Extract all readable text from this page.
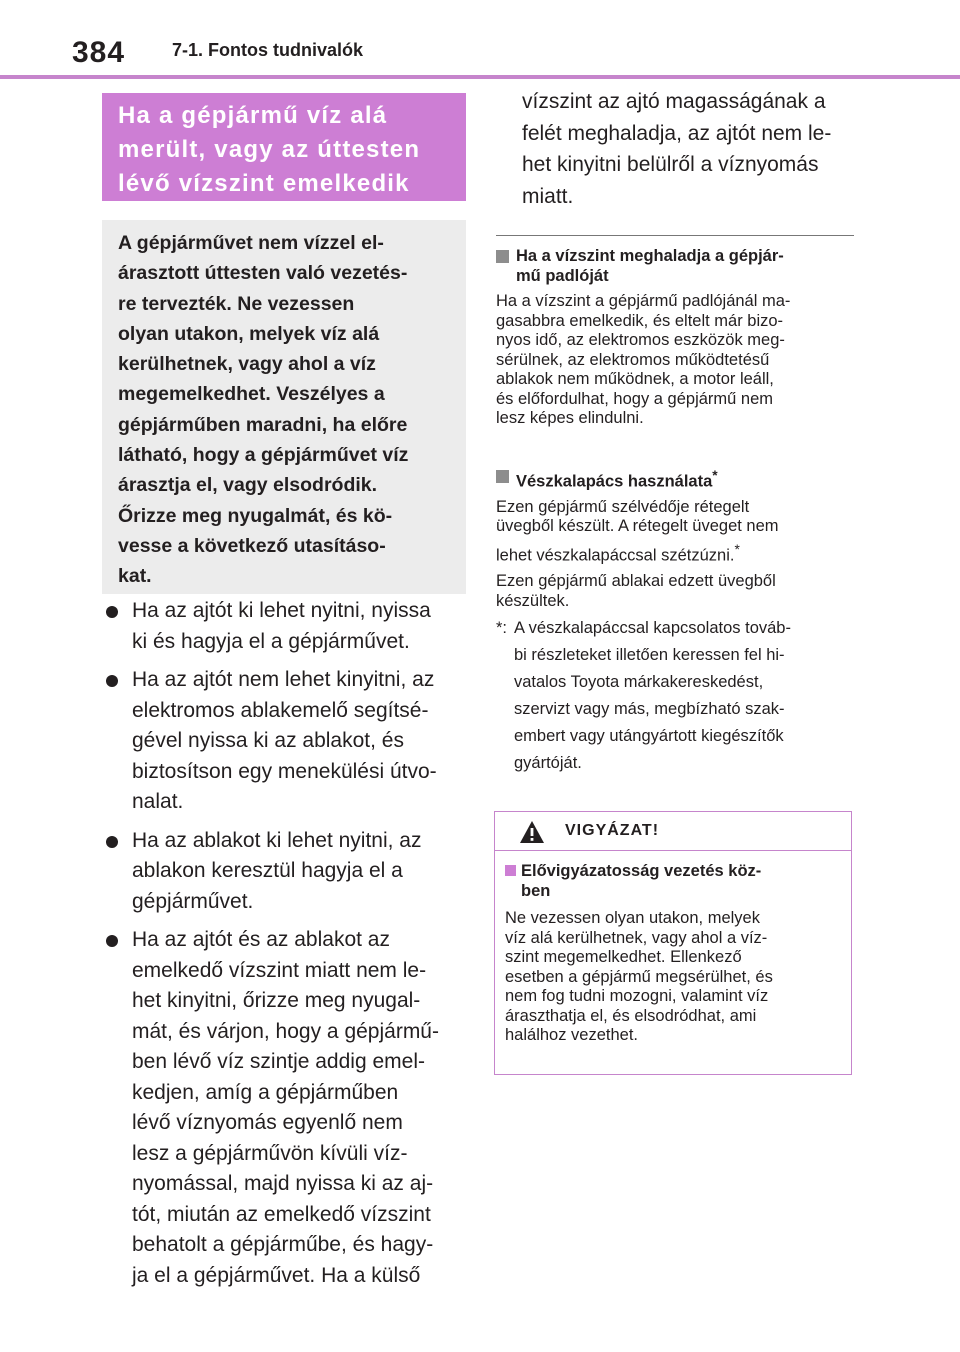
384	7-1. Fontos tudnivalók
Ha a gépjármű víz alá
merült, vagy az úttesten
lévő vízszint emelkedik
A gépjárművet nem vízzel el-
árasztott úttesten való vezetés-
re tervezték. Ne vezessen
olyan utakon, melyek víz alá
kerülhetnek, vagy ahol a víz
megemelkedhet. Veszélyes a
gépjárműben maradni, ha előre
látható, hogy a gépjárművet víz
árasztja el, vagy elsodródik.
Őrizze meg nyugalmát, és kö-
vesse a következő utasításo-
kat.
Ha az ajtót ki lehet nyitni, nyissa
ki és hagyja el a gépjárművet.
Ha az ajtót nem lehet kinyitni, az
elektromos ablakemelő segítsé-
gével nyissa ki az ablakot, és
biztosítson egy menekülési útvo-
nalat.
Ha az ablakot ki lehet nyitni, az
ablakon keresztül hagyja el a
gépjárművet.
Ha az ajtót és az ablakot az
emelkedő vízszint miatt nem le-
het kinyitni, őrizze meg nyugal-
mát, és várjon, hogy a gépjármű-
ben lévő víz szintje addig emel-
kedjen, amíg a gépjárműben
lévő víznyomás egyenlő nem
lesz a gépjárművön kívüli víz-
nyomással, majd nyissa ki az aj-
tót, miután az emelkedő vízszint
behatolt a gépjárműbe, és hagy-
ja el a gépjárművet. Ha a külső
vízszint az ajtó magasságának a
felét meghaladja, az ajtót nem le-
het kinyitni belülről a víznyomás
miatt.
Ha a vízszint meghaladja a gépjár-
mű padlóját
Ha a vízszint a gépjármű padlójánál ma-
gasabbra emelkedik, és eltelt már bizo-
nyos idő, az elektromos eszközök meg-
sérülnek, az elektromos működtetésű
ablakok nem működnek, a motor leáll,
és előfordulhat, hogy a gépjármű nem
lesz képes elindulni.
Vészkalapács használata*
Ezen gépjármű szélvédője rétegelt
üvegből készült. A rétegelt üveget nem
lehet vészkalapáccsal szétzúzni.*
Ezen gépjármű ablakai edzett üvegből
készültek.
*: A vészkalapáccsal kapcsolatos továb-
bi részleteket illetően keressen fel hi-
vatalos Toyota márkakereskedést,
szervizt vagy más, megbízható szak-
embert vagy utángyártott kiegészítők
gyártóját.
VIGYÁZAT!
Elővigyázatosság vezetés köz-
ben
Ne vezessen olyan utakon, melyek
víz alá kerülhetnek, vagy ahol a víz-
szint megemelkedhet. Ellenkező
esetben a gépjármű megsérülhet, és
nem fog tudni mozogni, valamint víz
áraszthatja el, és elsodródhat, ami
halálhoz vezethet.
